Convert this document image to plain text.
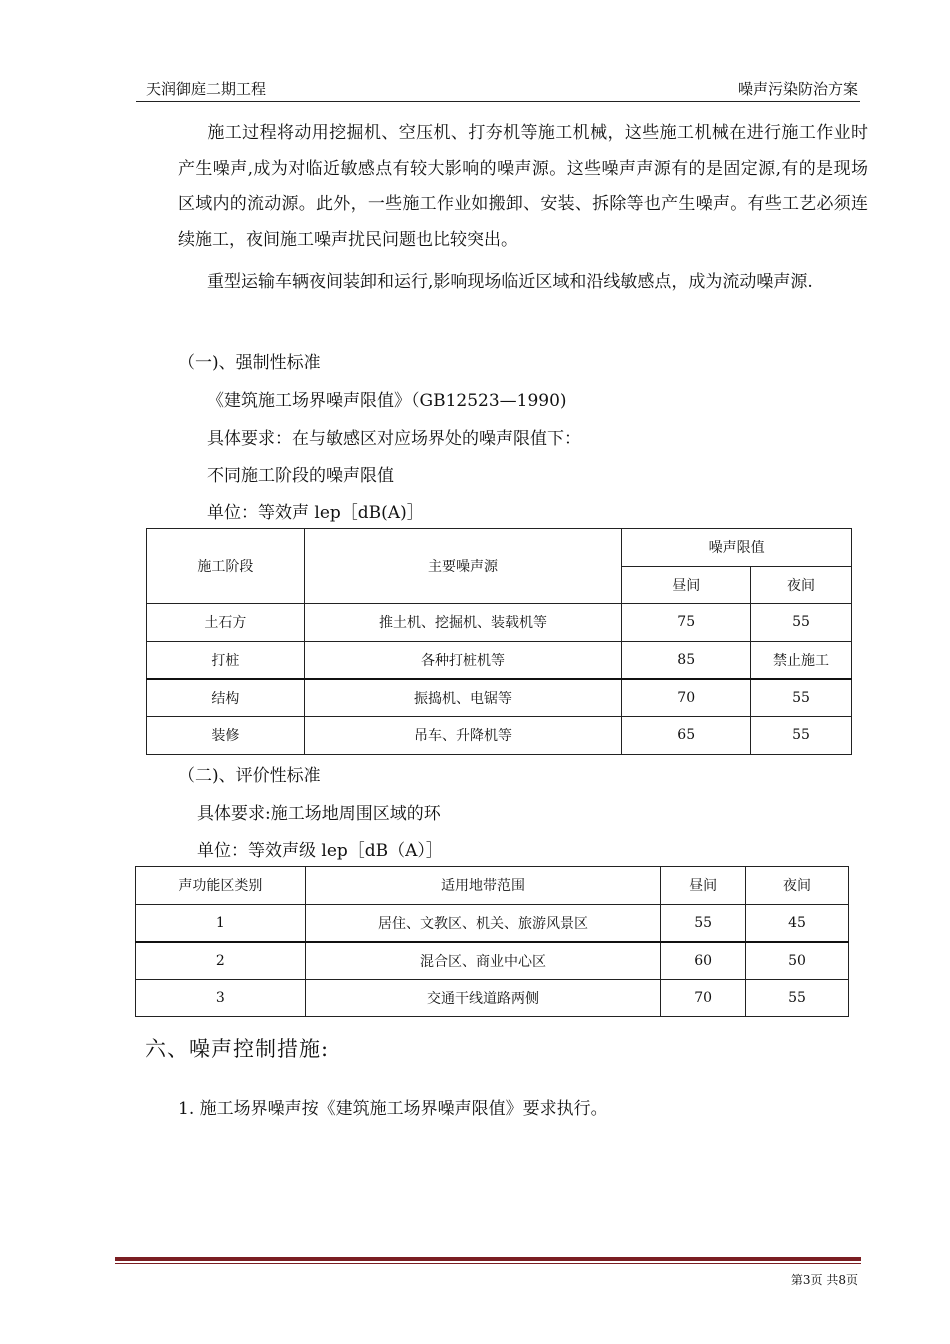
天润御庭二期工程	噪声污染防治方案

施工过程将动用挖掘机、空压机、打夯机等施工机械，这些施工机械在进行施工作业时产生噪声,成为对临近敏感点有较大影响的噪声源。这些噪声声源有的是固定源,有的是现场区域内的流动源。此外，一些施工作业如搬卸、安装、拆除等也产生噪声。有些工艺必须连续施工，夜间施工噪声扰民问题也比较突出。

重型运输车辆夜间装卸和运行,影响现场临近区域和沿线敏感点，成为流动噪声源.

（一)、强制性标准
《建筑施工场界噪声限值》（GB12523—1990)
具体要求：在与敏感区对应场界处的噪声限值下：
不同施工阶段的噪声限值
单位：等效声 lep［dB(A)］
施工阶段	主要噪声源	噪声限值	
		昼间	夜间
土石方	推土机、挖掘机、装载机等	75	55
打桩	各种打桩机等	85	禁止施工
结构	振捣机、电锯等	70	55
装修	吊车、升降机等	65	55
（二)、评价性标准
具体要求:施工场地周围区域的环
单位：等效声级 lep［dB（A）］
声功能区类别	适用地带范围	昼间	夜间
1	居住、文教区、机关、旅游风景区	55	45
2	混合区、商业中心区	60	50
3	交通干线道路两侧	70	55
六、噪声控制措施:
1. 施工场界噪声按《建筑施工场界噪声限值》要求执行。
第3页 共8页
